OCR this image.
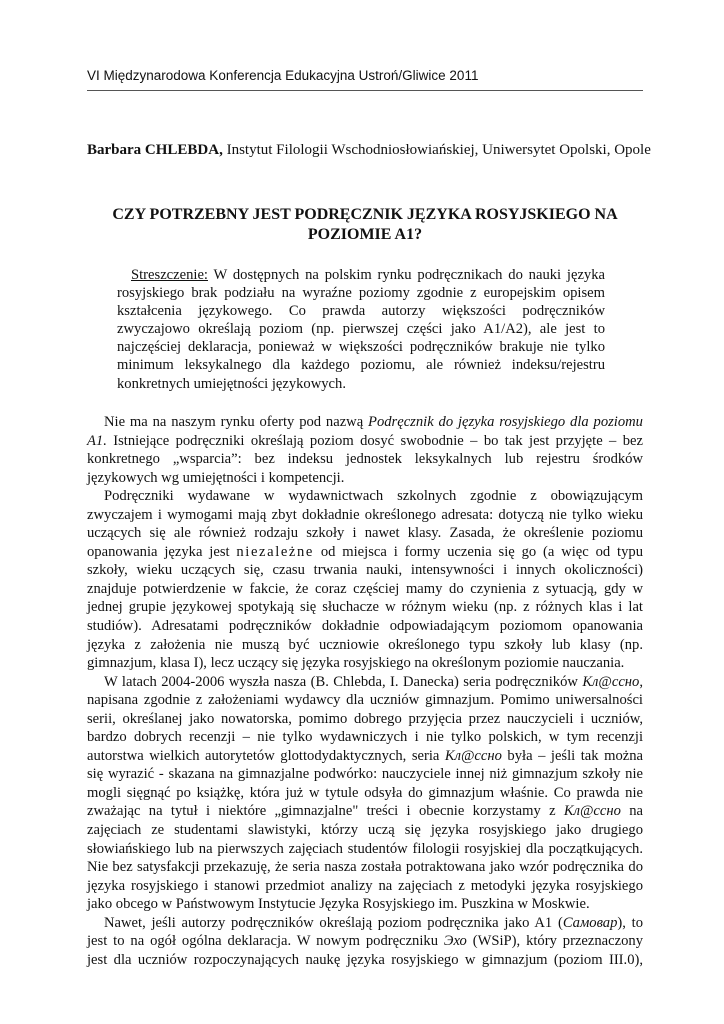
VI Międzynarodowa Konferencja Edukacyjna Ustroń/Gliwice 2011
Barbara CHLEBDA, Instytut Filologii Wschodniosłowiańskiej, Uniwersytet Opolski, Opole
CZY POTRZEBNY JEST PODRĘCZNIK JĘZYKA ROSYJSKIEGO NA
POZIOMIE A1?
Streszczenie: W dostępnych na polskim rynku podręcznikach do nauki języka
rosyjskiego brak podziału na wyraźne poziomy zgodnie z europejskim opisem
kształcenia językowego. Co prawda autorzy większości podręczników
zwyczajowo określają poziom (np. pierwszej części jako A1/A2), ale jest to
najczęściej deklaracja, ponieważ w większości podręczników brakuje nie tylko
minimum leksykalnego dla każdego poziomu, ale również indeksu/rejestru
konkretnych umiejętności językowych.
Nie ma na naszym rynku oferty pod nazwą Podręcznik do języka rosyjskiego dla poziomu
A1. Istniejące podręczniki określają poziom dosyć swobodnie – bo tak jest przyjęte – bez
konkretnego „wsparcia”: bez indeksu jednostek leksykalnych lub rejestru środków
językowych wg umiejętności i kompetencji.
Podręczniki wydawane w wydawnictwach szkolnych zgodnie z obowiązującym
zwyczajem i wymogami mają zbyt dokładnie określonego adresata: dotyczą nie tylko wieku
uczących się ale również rodzaju szkoły i nawet klasy. Zasada, że określenie poziomu
opanowania języka jest niezależne od miejsca i formy uczenia się go (a więc od typu
szkoły, wieku uczących się, czasu trwania nauki, intensywności i innych okoliczności)
znajduje potwierdzenie w fakcie, że coraz częściej mamy do czynienia z sytuacją, gdy w
jednej grupie językowej spotykają się słuchacze w różnym wieku (np. z różnych klas i lat
studiów). Adresatami podręczników dokładnie odpowiadającym poziomom opanowania
języka z założenia nie muszą być uczniowie określonego typu szkoły lub klasy (np.
gimnazjum, klasa I), lecz uczący się języka rosyjskiego na określonym poziomie nauczania.
W latach 2004-2006 wyszła nasza (B. Chlebda, I. Danecka) seria podręczników Кл@ссно,
napisana zgodnie z założeniami wydawcy dla uczniów gimnazjum. Pomimo uniwersalności
serii, określanej jako nowatorska, pomimo dobrego przyjęcia przez nauczycieli i uczniów,
bardzo dobrych recenzji – nie tylko wydawniczych i nie tylko polskich, w tym recenzji
autorstwa wielkich autorytetów glottodydaktycznych, seria Кл@ссно była – jeśli tak można
się wyrazić - skazana na gimnazjalne podwórko: nauczyciele innej niż gimnazjum szkoły nie
mogli sięgnąć po książkę, która już w tytule odsyła do gimnazjum właśnie. Co prawda nie
zważając na tytuł i niektóre „gimnazjalne" treści i obecnie korzystamy z Кл@ссно na
zajęciach ze studentami slawistyki, którzy uczą się języka rosyjskiego jako drugiego
słowiańskiego lub na pierwszych zajęciach studentów filologii rosyjskiej dla początkujących.
Nie bez satysfakcji przekazuję, że seria nasza została potraktowana jako wzór podręcznika do
języka rosyjskiego i stanowi przedmiot analizy na zajęciach z metodyki języka rosyjskiego
jako obcego w Państwowym Instytucie Języka Rosyjskiego im. Puszkina w Moskwie.
Nawet, jeśli autorzy podręczników określają poziom podręcznika jako A1 (Самовар), to
jest to na ogół ogólna deklaracja. W nowym podręczniku Эхо (WSiP), który przeznaczony
jest dla uczniów rozpoczynających naukę języka rosyjskiego w gimnazjum (poziom III.0),
